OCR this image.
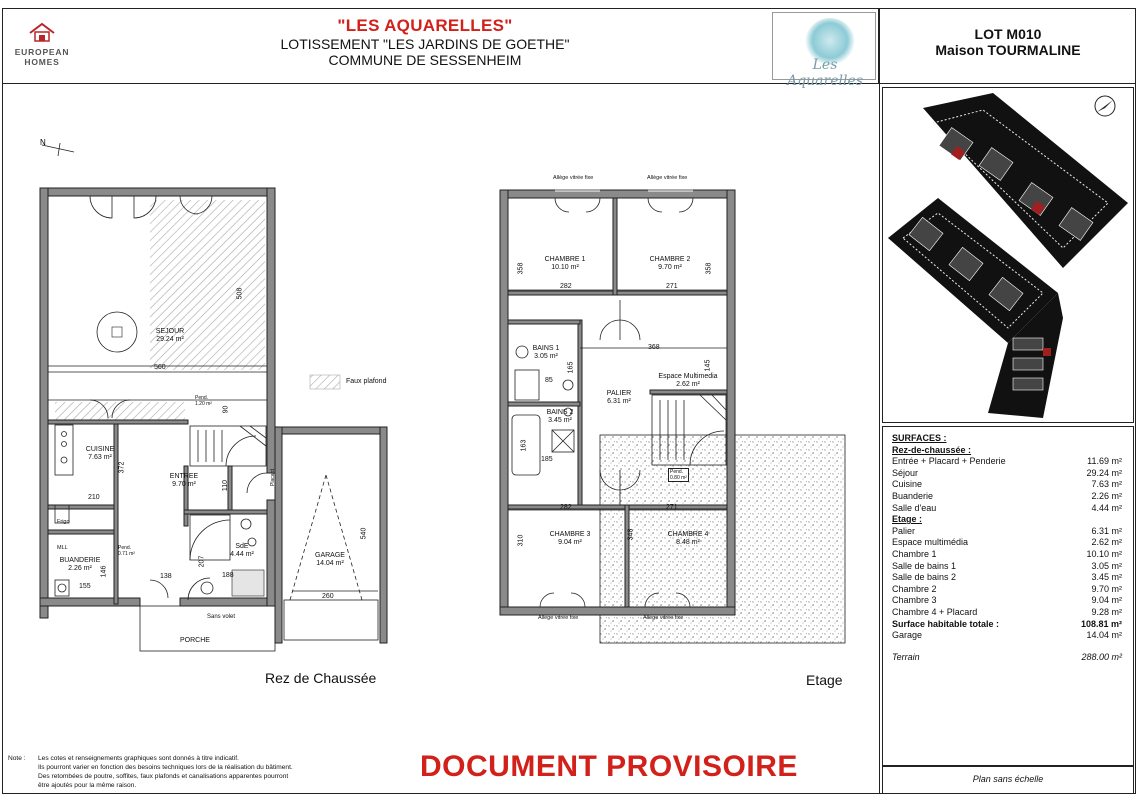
EUROPEAN
HOMES
"LES AQUARELLES"
LOTISSEMENT "LES JARDINS DE GOETHE"
COMMUNE DE SESSENHEIM	Les Aquarelles
LOT M010
Maison TOURMALINE
N
SEJOUR
29.24 m²
CUISINE
7.63 m²
ENTREE
9.70 m²
BUANDERIE
2.26 m²
SdE
4.44 m²	GARAGE
14.04 m²
PORCHE
Faux plafond
Sans volet
Frigo
MLL
Pend.
1.20 m²
Pend.
0.71 m²
Placard
560
508
372
210
110
90
155
146	138
207
188
540
260
CHAMBRE 1
10.10 m²
CHAMBRE 2
9.70 m²
CHAMBRE 3
9.04 m²
CHAMBRE 4
8.48 m²
BAINS 1
3.05 m²
BAINS 2
3.45 m²
PALIER
6.31 m²
Espace Multimedia
2.62 m²
Allège vitrée fixe	Allège vitrée fixe
Allège vitrée fixe	Allège vitrée fixe
Pend.
0.80 m²
358	358
282	271
368
145
165
85
163
185
282	271
310
348
Rez de Chaussée	Etage
SURFACES :
Rez-de-chaussée :
Entrée + Placard + Penderie	11.69 m²
Séjour	29.24 m²
Cuisine	7.63 m²
Buanderie	2.26 m²
Salle d'eau	4.44 m²
Etage :
Palier	6.31 m²
Espace multimédia	2.62 m²
Chambre 1	10.10 m²
Salle de bains 1	3.05 m²
Salle de bains 2	3.45 m²
Chambre 2	9.70 m²
Chambre 3	9.04 m²
Chambre 4 + Placard	9.28 m²
Surface habitable totale :	108.81 m²
Garage	14.04 m²
Terrain	288.00 m²
Note : Les cotes et renseignements graphiques sont donnés à titre indicatif.
Ils pourront varier en fonction des besoins techniques lors de la réalisation du bâtiment.
Des retombées de poutre, soffites, faux plafonds et canalisations apparentes pourront
être ajoutés pour la même raison.
DOCUMENT PROVISOIRE	Plan sans échelle
